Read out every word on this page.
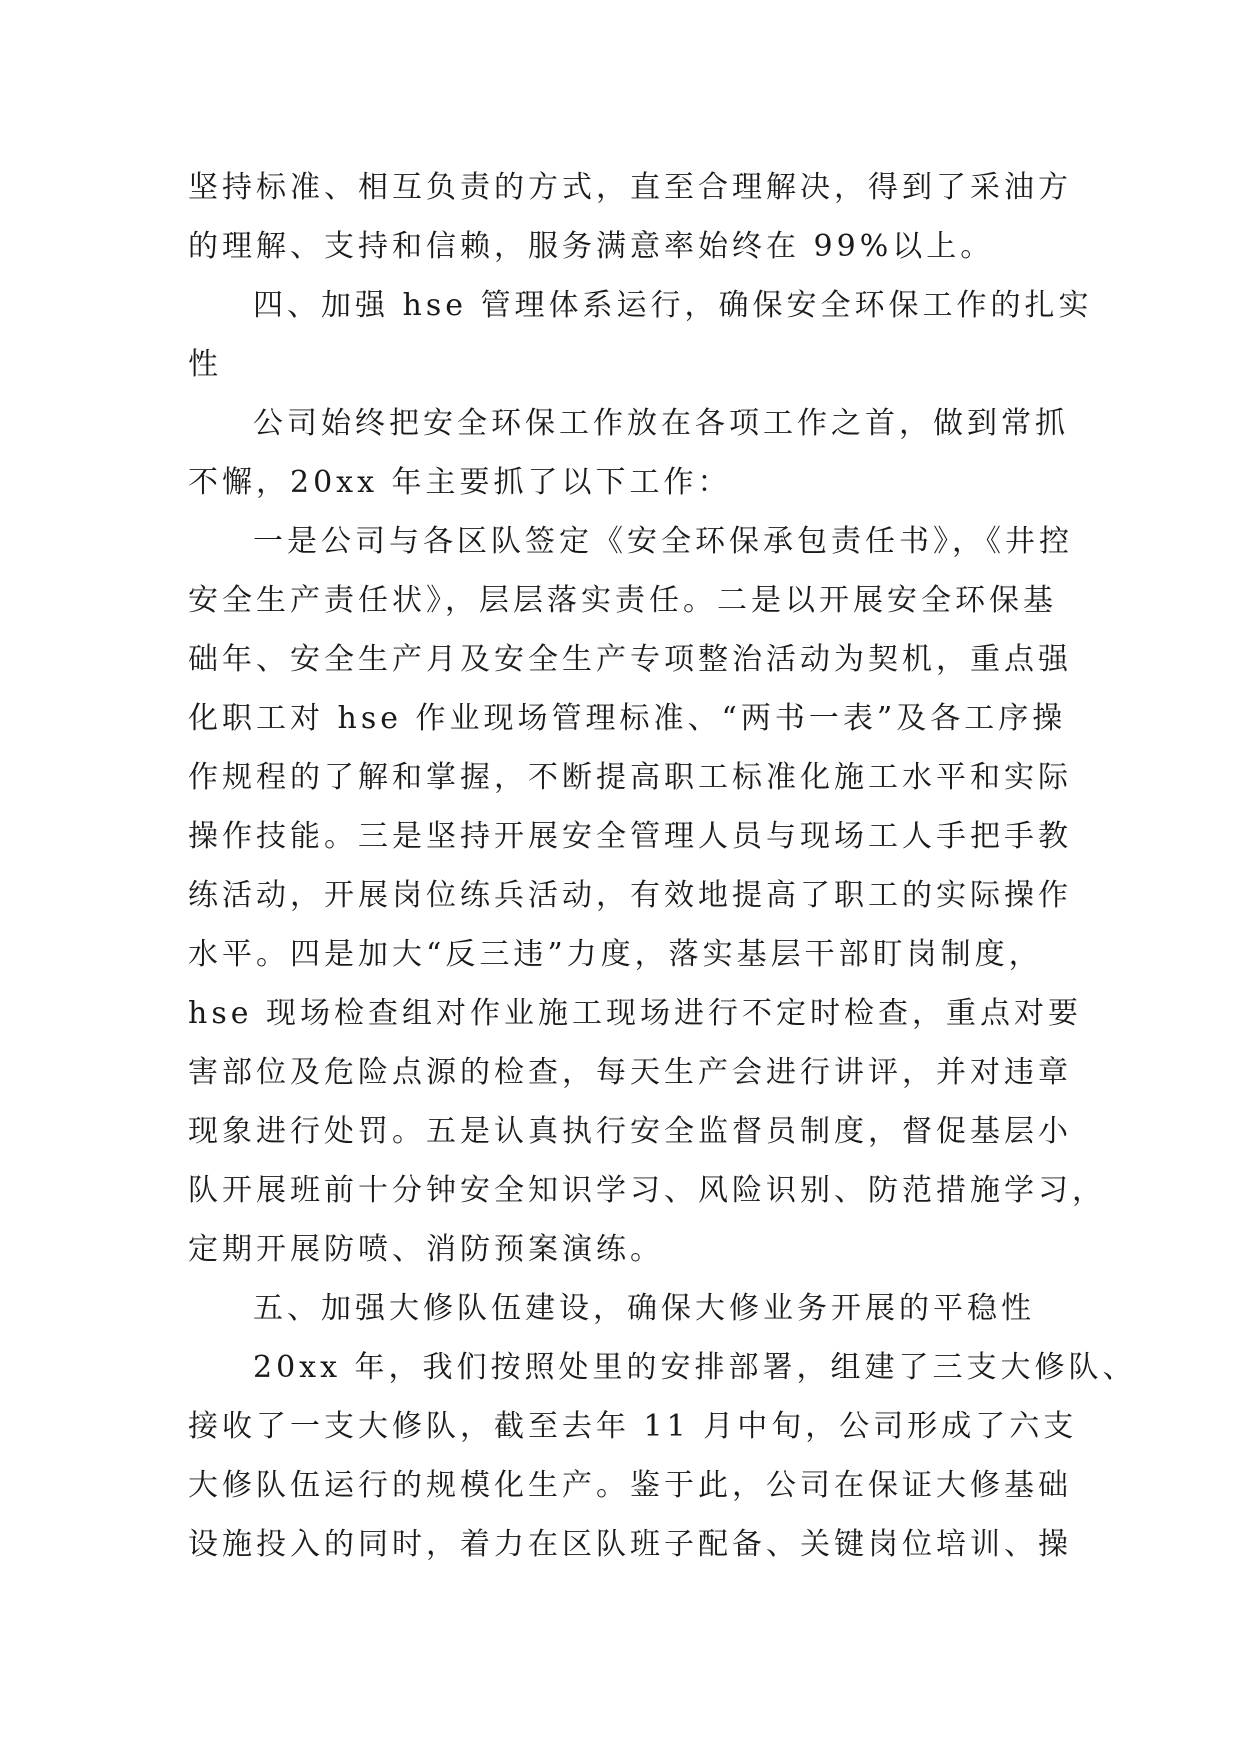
坚持标准、相互负责的方式，直至合理解决，得到了采油方
的理解、支持和信赖，服务满意率始终在 99%以上。
四、加强 hse 管理体系运行，确保安全环保工作的扎实
性
公司始终把安全环保工作放在各项工作之首，做到常抓
不懈，20xx 年主要抓了以下工作：
一是公司与各区队签定《安全环保承包责任书》，《井控
安全生产责任状》，层层落实责任。二是以开展安全环保基
础年、安全生产月及安全生产专项整治活动为契机，重点强
化职工对 hse 作业现场管理标准、“两书一表”及各工序操
作规程的了解和掌握，不断提高职工标准化施工水平和实际
操作技能。三是坚持开展安全管理人员与现场工人手把手教
练活动，开展岗位练兵活动，有效地提高了职工的实际操作
水平。四是加大“反三违”力度，落实基层干部盯岗制度，
hse 现场检查组对作业施工现场进行不定时检查，重点对要
害部位及危险点源的检查，每天生产会进行讲评，并对违章
现象进行处罚。五是认真执行安全监督员制度，督促基层小
队开展班前十分钟安全知识学习、风险识别、防范措施学习，
定期开展防喷、消防预案演练。
五、加强大修队伍建设，确保大修业务开展的平稳性
20xx 年，我们按照处里的安排部署，组建了三支大修队、
接收了一支大修队，截至去年 11 月中旬，公司形成了六支
大修队伍运行的规模化生产。鉴于此，公司在保证大修基础
设施投入的同时，着力在区队班子配备、关键岗位培训、操
